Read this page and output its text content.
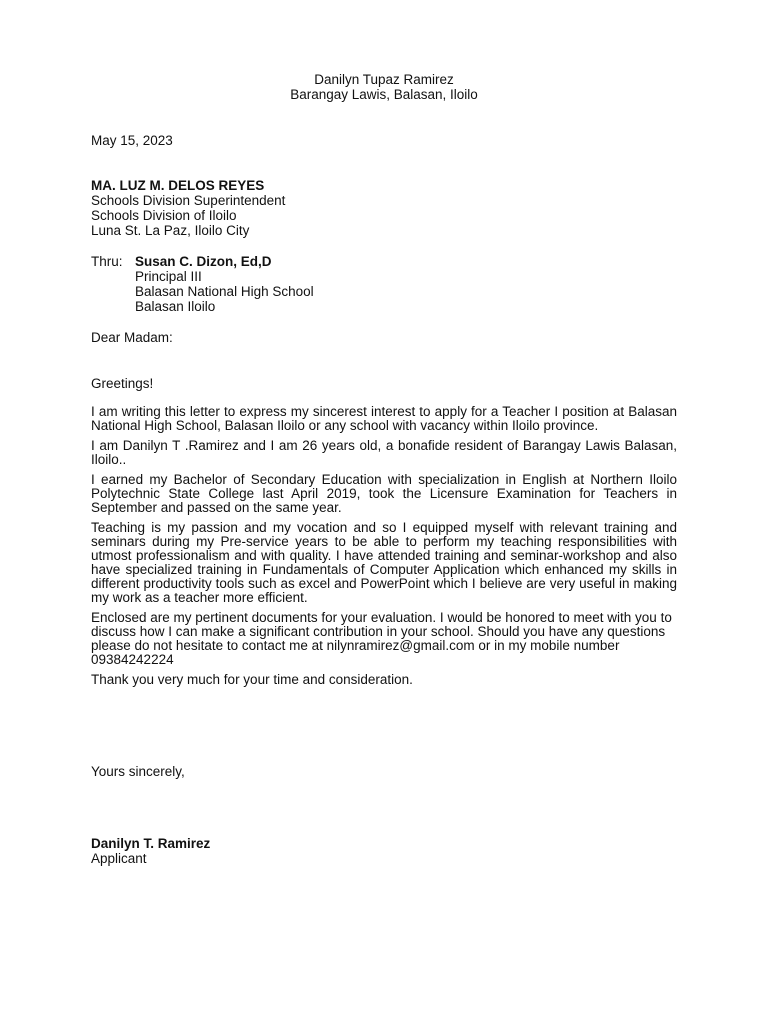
Danilyn Tupaz Ramirez
Barangay Lawis, Balasan, Iloilo
May 15, 2023
MA. LUZ M. DELOS REYES
Schools Division Superintendent
Schools Division of Iloilo
Luna St. La Paz, Iloilo City
Thru: Susan C. Dizon, Ed,D
Principal III
Balasan National High School
Balasan Iloilo
Dear Madam:
Greetings!

I am writing this letter to express my sincerest interest to apply for a Teacher I position at Balasan National High School, Balasan Iloilo or any school with vacancy within Iloilo province.

I am Danilyn T .Ramirez and I am 26 years old, a bonafide resident of Barangay Lawis Balasan, Iloilo..

I earned my Bachelor of Secondary Education with specialization in English at Northern Iloilo Polytechnic State College last April 2019, took the Licensure Examination for Teachers in September and passed on the same year.

Teaching is my passion and my vocation and so I equipped myself with relevant training and seminars during my Pre-service years to be able to perform my teaching responsibilities with utmost professionalism and with quality. I have attended training and seminar-workshop and also have specialized training in Fundamentals of Computer Application which enhanced my skills in different productivity tools such as excel and PowerPoint which I believe are very useful in making my work as a teacher more efficient.

Enclosed are my pertinent documents for your evaluation. I would be honored to meet with you to discuss how I can make a significant contribution in your school. Should you have any questions please do not hesitate to contact me at nilynramirez@gmail.com or in my mobile number 09384242224

Thank you very much for your time and consideration.

Yours sincerely,
Danilyn T. Ramirez
Applicant
